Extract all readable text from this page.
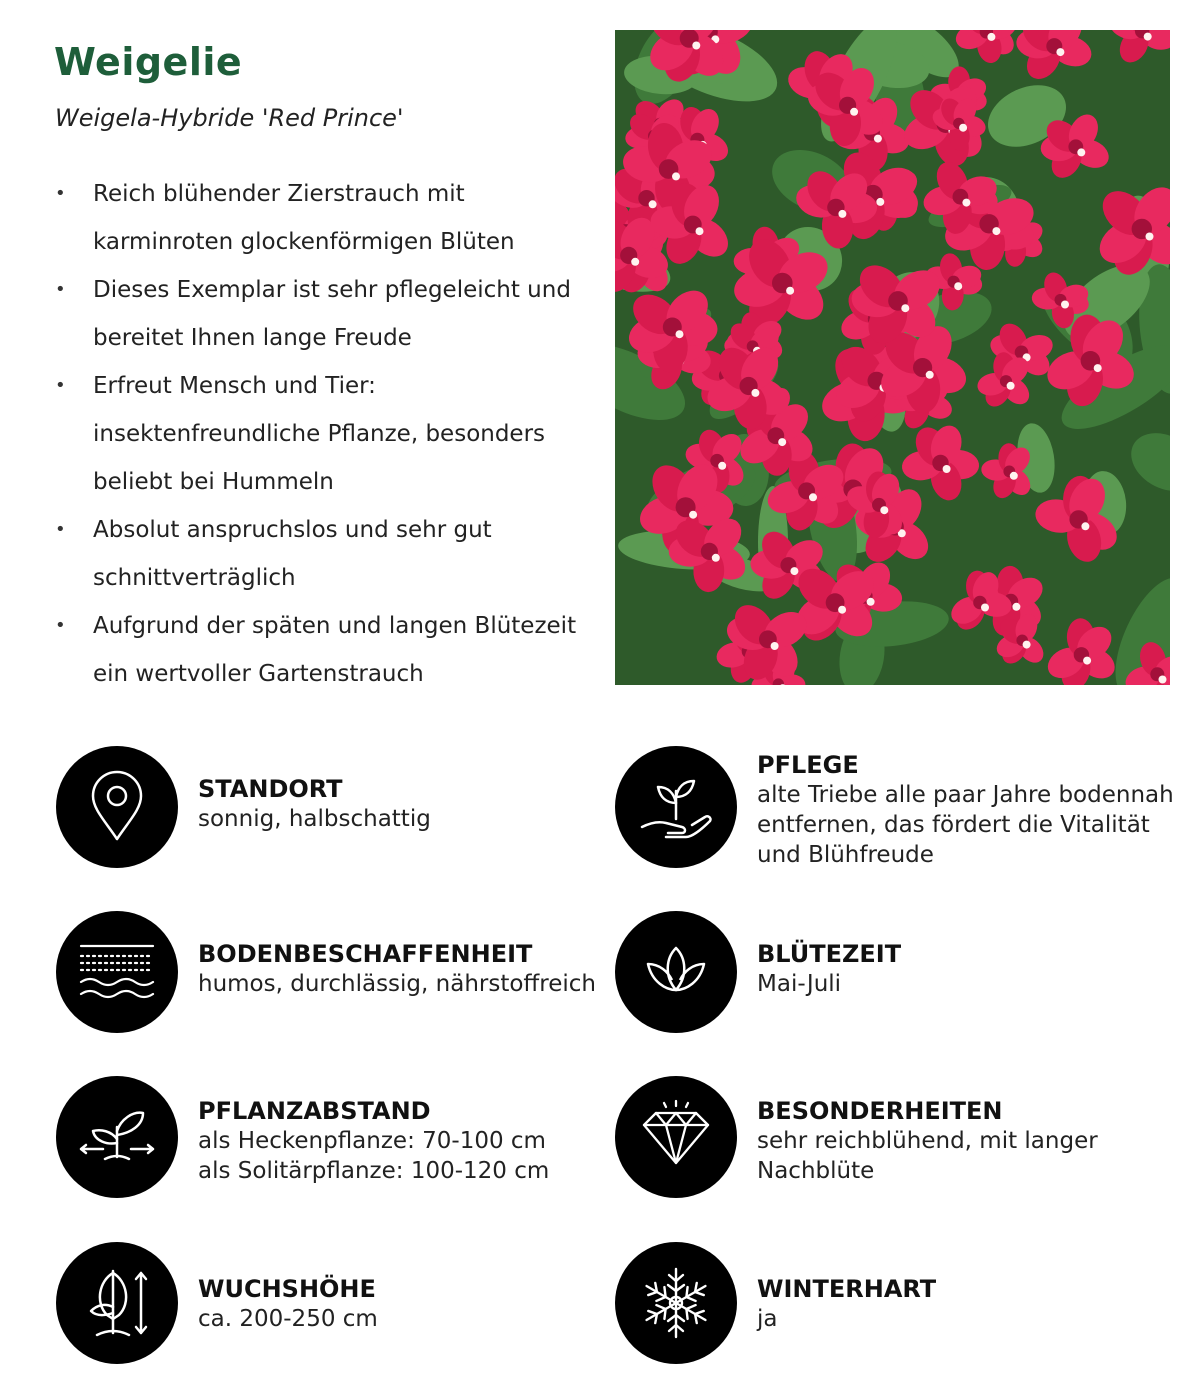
Weigelie

Weigela-Hybride 'Red Prince'

• Reich blühender Zierstrauch mit
karminroten glockenförmigen Blüten
• Dieses Exemplar ist sehr pflegeleicht und
bereitet Ihnen lange Freude
• Erfreut Mensch und Tier:
insektenfreundliche Pflanze, besonders
beliebt bei Hummeln
• Absolut anspruchslos und sehr gut
schnittverträglich
• Aufgrund der späten und langen Blütezeit
ein wertvoller Gartenstrauch
STANDORT
sonnig, halbschattig
PFLEGE
alte Triebe alle paar Jahre bodennah
entfernen, das fördert die Vitalität
und Blühfreude
BODENBESCHAFFENHEIT
humos, durchlässig, nährstoffreich
BLÜTEZEIT
Mai-Juli
PFLANZABSTAND
als Heckenpflanze: 70-100 cm
als Solitärpflanze: 100-120 cm
BESONDERHEITEN
sehr reichblühend, mit langer
Nachblüte
WUCHSHÖHE
ca. 200-250 cm
WINTERHART
ja
